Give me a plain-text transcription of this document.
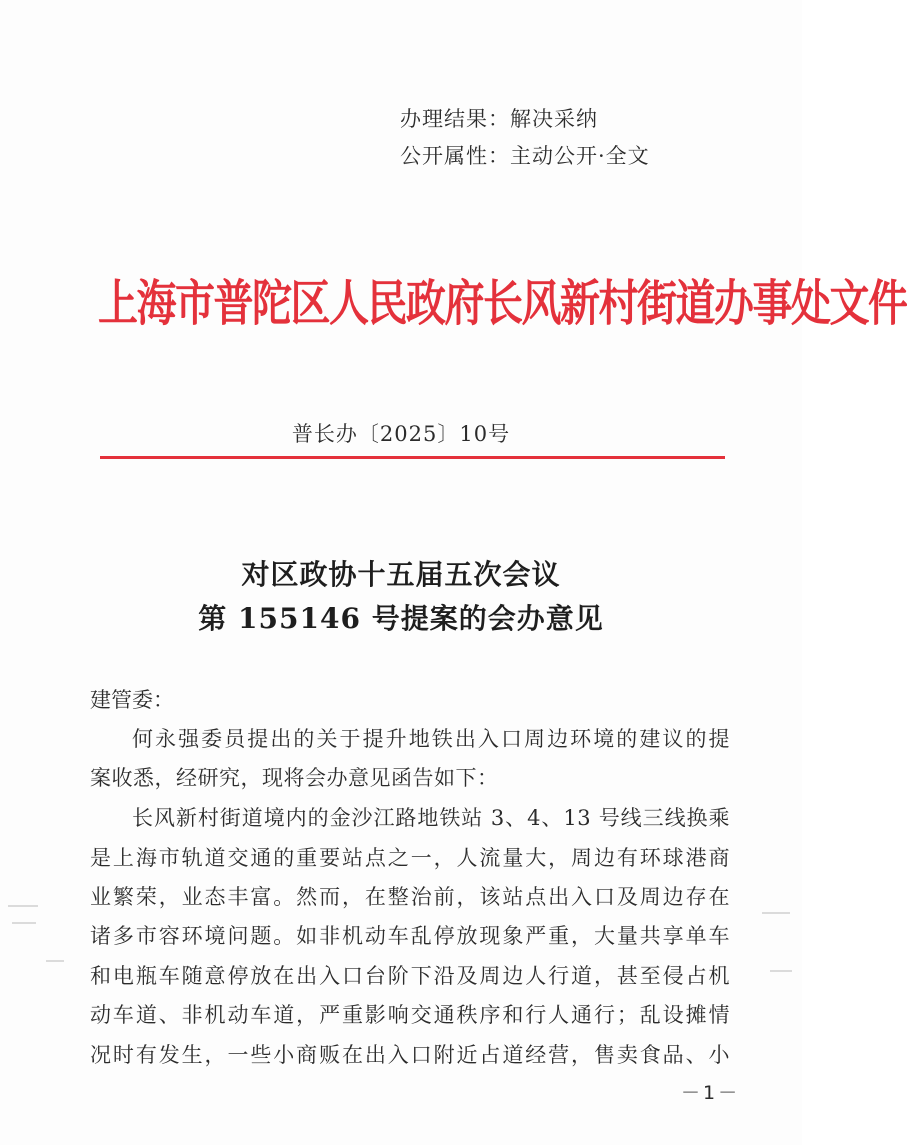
办理结果：解决采纳
公开属性：主动公开·全文
上海市普陀区人民政府长风新村街道办事处文件
普长办〔2025〕10号
对区政协十五届五次会议
第 155146 号提案的会办意见
建管委：
何永强委员提出的关于提升地铁出入口周边环境的建议的提
案收悉，经研究，现将会办意见函告如下：
长风新村街道境内的金沙江路地铁站 3、4、13 号线三线换乘
是上海市轨道交通的重要站点之一，人流量大，周边有环球港商
业繁荣，业态丰富。然而，在整治前，该站点出入口及周边存在
诸多市容环境问题。如非机动车乱停放现象严重，大量共享单车
和电瓶车随意停放在出入口台阶下沿及周边人行道，甚至侵占机
动车道、非机动车道，严重影响交通秩序和行人通行；乱设摊情
况时有发生，一些小商贩在出入口附近占道经营，售卖食品、小
－1－
